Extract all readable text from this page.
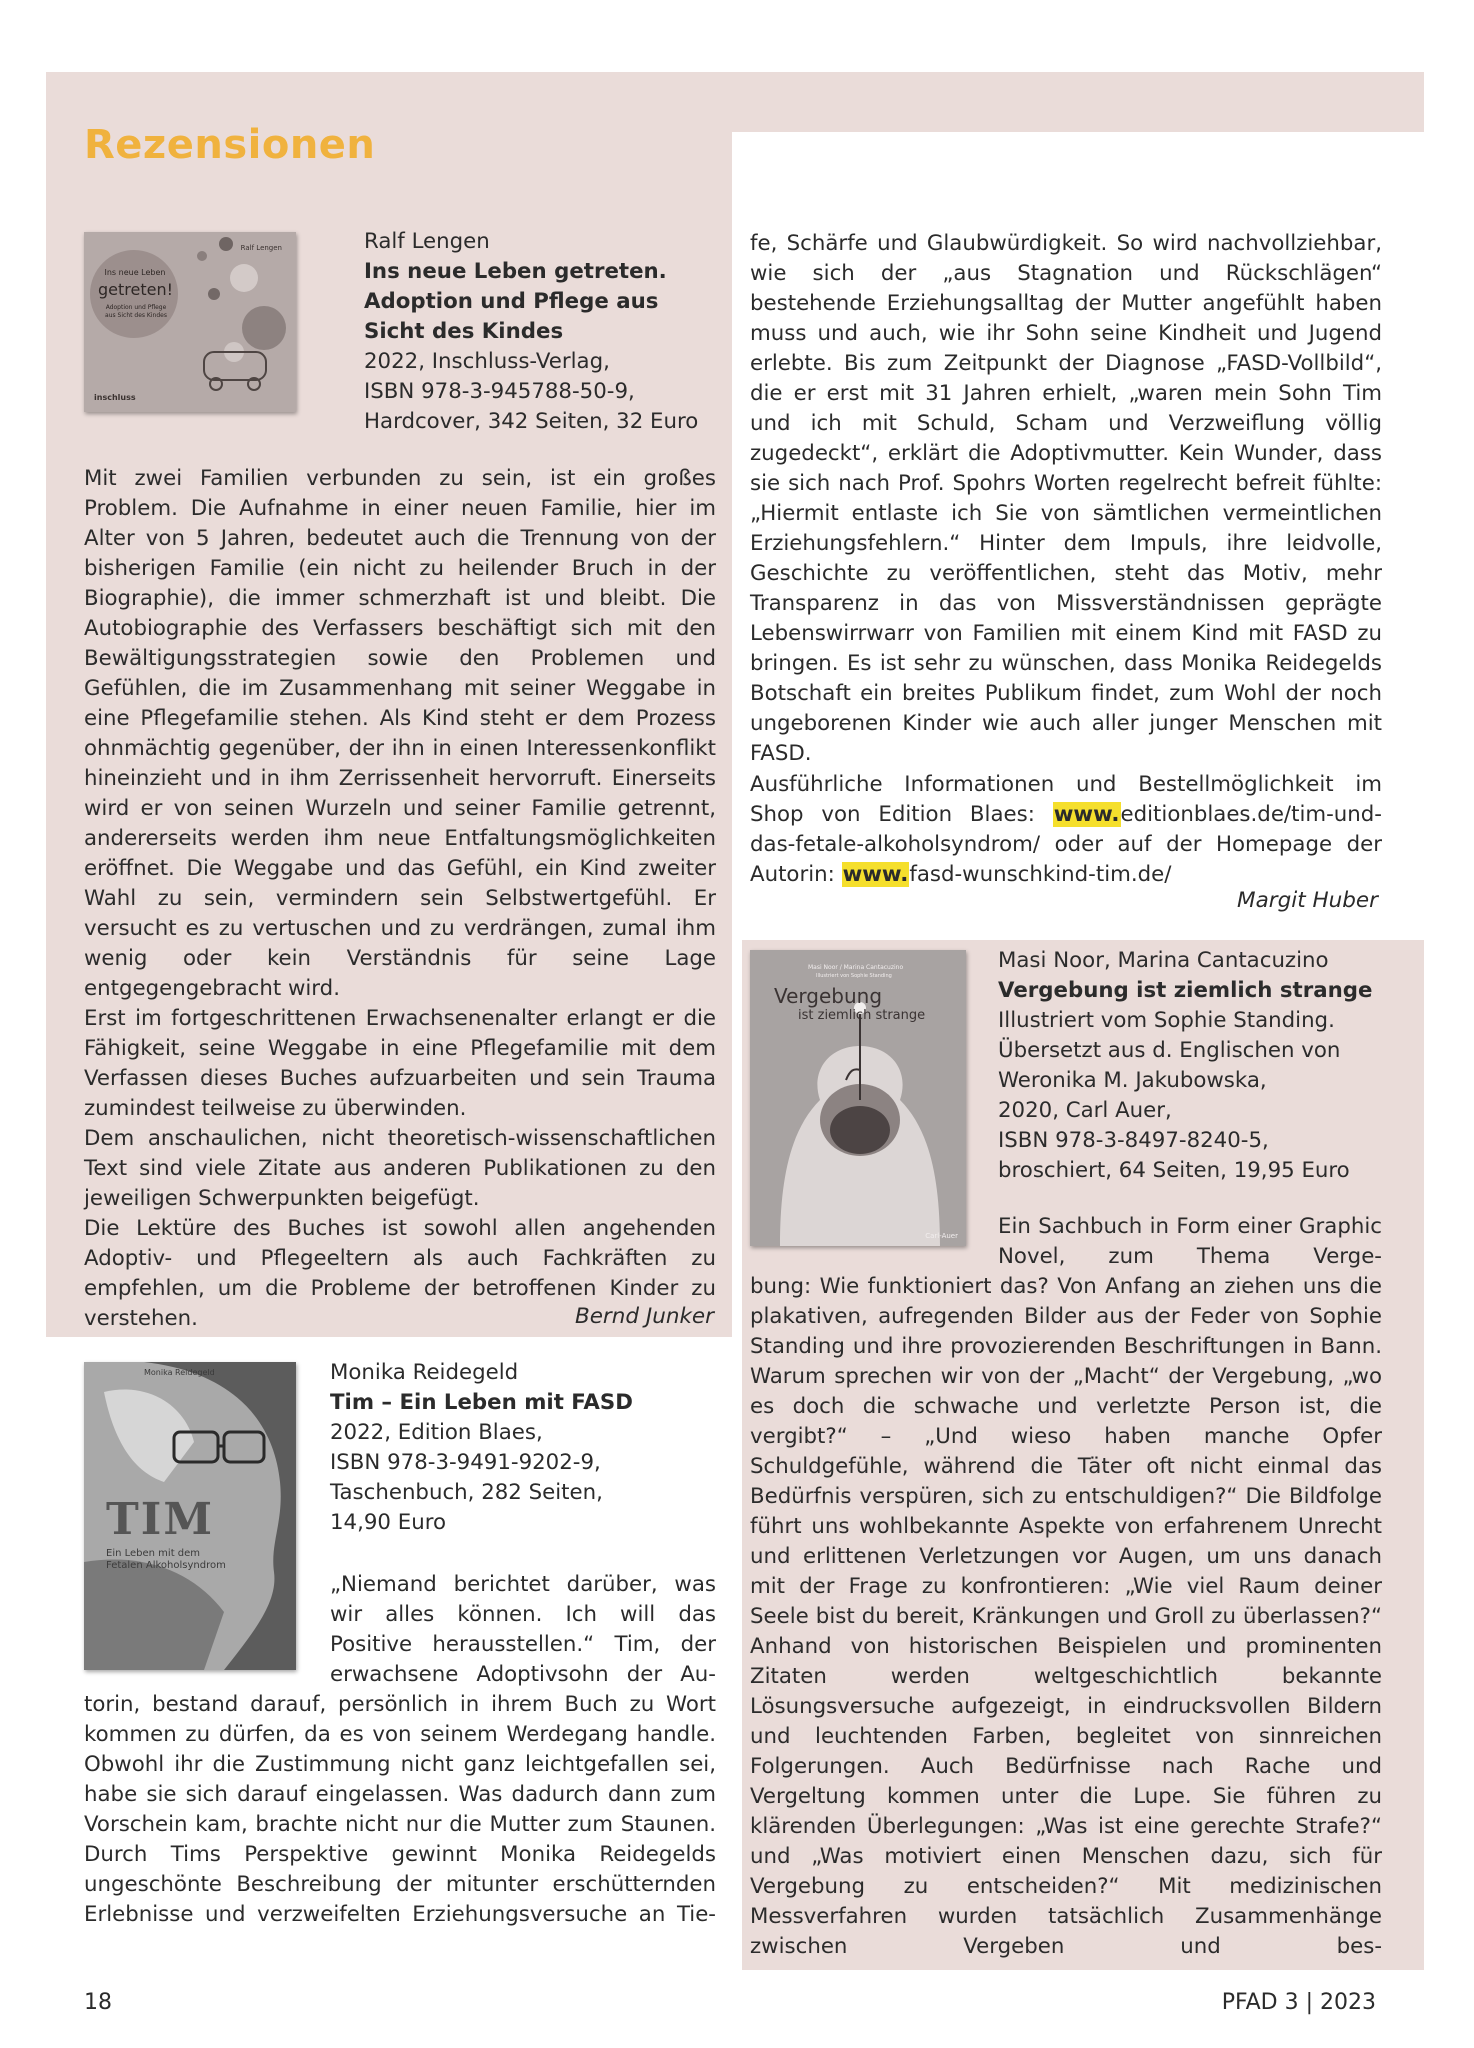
Rezensionen
Ralf Lengen
Ins neue Leben
getreten!
Adoption und Pflege aus Sicht des Kindes
inschluss
Ralf Lengen
Ins neue Leben getreten.
Adoption und Pflege aus
Sicht des Kindes
2022, Inschluss-Verlag,
ISBN 978-3-945788-50-9,
Hardcover, 342 Seiten, 32 Euro

Mit zwei Familien verbunden zu sein, ist ein großes Problem. Die Aufnahme in einer neuen Familie, hier im Alter von 5 Jahren, bedeutet auch die Trennung von der bisherigen Familie (ein nicht zu heilender Bruch in der Biographie), die immer schmerzhaft ist und bleibt. Die Autobiographie des Verfassers beschäftigt sich mit den Bewältigungsstrategien sowie den Problemen und Gefühlen, die im Zusammenhang mit seiner Weggabe in eine Pflegefamilie stehen. Als Kind steht er dem Prozess ohnmächtig gegenüber, der ihn in einen Interessenkonflikt hineinzieht und in ihm Zerrissenheit hervorruft. Einerseits wird er von seinen Wurzeln und seiner Familie getrennt, andererseits werden ihm neue Entfaltungsmöglichkeiten eröffnet. Die Weggabe und das Gefühl, ein Kind zweiter Wahl zu sein, vermindern sein Selbstwertgefühl. Er versucht es zu vertuschen und zu verdrängen, zumal ihm wenig oder kein Verständnis für seine Lage entgegengebracht wird.

Erst im fortgeschrittenen Erwachsenenalter erlangt er die Fähigkeit, seine Weggabe in eine Pflegefamilie mit dem Verfassen dieses Buches aufzuarbeiten und sein Trauma zumindest teilweise zu überwinden.

Dem anschaulichen, nicht theoretisch-wissenschaftlichen Text sind viele Zitate aus anderen Publikationen zu den jeweiligen Schwerpunkten beigefügt.

Die Lektüre des Buches ist sowohl allen angehenden Adoptiv- und Pflegeeltern als auch Fachkräften zu empfehlen, um die Probleme der betroffenen Kinder zu verstehen.	Bernd Junker
Monika Reidegeld
TIM
Ein Leben mit dem Fetalen Alkoholsyndrom
Monika Reidegeld
Tim – Ein Leben mit FASD
2022, Edition Blaes,
ISBN 978-3-9491-9202-9,
Taschenbuch, 282 Seiten,
14,90 Euro

„Niemand berichtet darüber, was wir alles können. Ich will das Positive herausstellen.“ Tim, der erwachsene Adoptivsohn der Au-

torin, bestand darauf, persönlich in ihrem Buch zu Wort kommen zu dürfen, da es von seinem Werdegang handle. Obwohl ihr die Zustimmung nicht ganz leichtgefallen sei, habe sie sich darauf eingelassen. Was dadurch dann zum Vorschein kam, brachte nicht nur die Mutter zum Staunen. Durch Tims Perspektive gewinnt Monika Reidegelds ungeschönte Beschreibung der mitunter erschütternden Erlebnisse und verzweifelten Erziehungsversuche an Tie-

fe, Schärfe und Glaubwürdigkeit. So wird nachvollziehbar, wie sich der „aus Stagnation und Rückschlägen“ bestehende Erziehungsalltag der Mutter angefühlt haben muss und auch, wie ihr Sohn seine Kindheit und Jugend erlebte. Bis zum Zeitpunkt der Diagnose „FASD-Vollbild“, die er erst mit 31 Jahren erhielt, „waren mein Sohn Tim und ich mit Schuld, Scham und Verzweiflung völlig zugedeckt“, erklärt die Adoptivmutter. Kein Wunder, dass sie sich nach Prof. Spohrs Worten regelrecht befreit fühlte: „Hiermit entlaste ich Sie von sämtlichen vermeintlichen Erziehungsfehlern.“ Hinter dem Impuls, ihre leidvolle, Geschichte zu veröffentlichen, steht das Motiv, mehr Transparenz in das von Missverständnissen geprägte Lebenswirrwarr von Familien mit einem Kind mit FASD zu bringen. Es ist sehr zu wünschen, dass Monika Reidegelds Botschaft ein breites Publikum findet, zum Wohl der noch ungeborenen Kinder wie auch aller junger Menschen mit FASD.

Ausführliche Informationen und Bestellmöglichkeit im Shop von Edition Blaes: www.editionblaes.de/tim-und-das-fetale-alkoholsyndrom/ oder auf der Homepage der Autorin: www.fasd-wunschkind-tim.de/

Margit Huber
Masi Noor / Marina Cantacuzino
Illustriert von Sophie Standing
Vergebung
ist ziemlich strange
Carl-Auer
Masi Noor, Marina Cantacuzino
Vergebung ist ziemlich strange
Illustriert vom Sophie Standing.
Übersetzt aus d. Englischen von
Weronika M. Jakubowska,
2020, Carl Auer,
ISBN 978-3-8497-8240-5,
broschiert, 64 Seiten, 19,95 Euro

Ein Sachbuch in Form einer Graphic Novel, zum Thema Verge-

bung: Wie funktioniert das? Von Anfang an ziehen uns die plakativen, aufregenden Bilder aus der Feder von Sophie Standing und ihre provozierenden Beschriftungen in Bann. Warum sprechen wir von der „Macht“ der Vergebung, „wo es doch die schwache und verletzte Person ist, die vergibt?“ – „Und wieso haben manche Opfer Schuldgefühle, während die Täter oft nicht einmal das Bedürfnis verspüren, sich zu entschuldigen?“ Die Bildfolge führt uns wohlbekannte Aspekte von erfahrenem Unrecht und erlittenen Verletzungen vor Augen, um uns danach mit der Frage zu konfrontieren: „Wie viel Raum deiner Seele bist du bereit, Kränkungen und Groll zu überlassen?“ Anhand von historischen Beispielen und prominenten Zitaten werden weltgeschichtlich bekannte Lösungsversuche aufgezeigt, in eindrucksvollen Bildern und leuchtenden Farben, begleitet von sinnreichen Folgerungen. Auch Bedürfnisse nach Rache und Vergeltung kommen unter die Lupe. Sie führen zu klärenden Überlegungen: „Was ist eine gerechte Strafe?“ und „Was motiviert einen Menschen dazu, sich für Vergebung zu entscheiden?“ Mit medizinischen Messverfahren wurden tatsächlich Zusammenhänge zwischen Vergeben und bes-

18	PFAD 3 | 2023
